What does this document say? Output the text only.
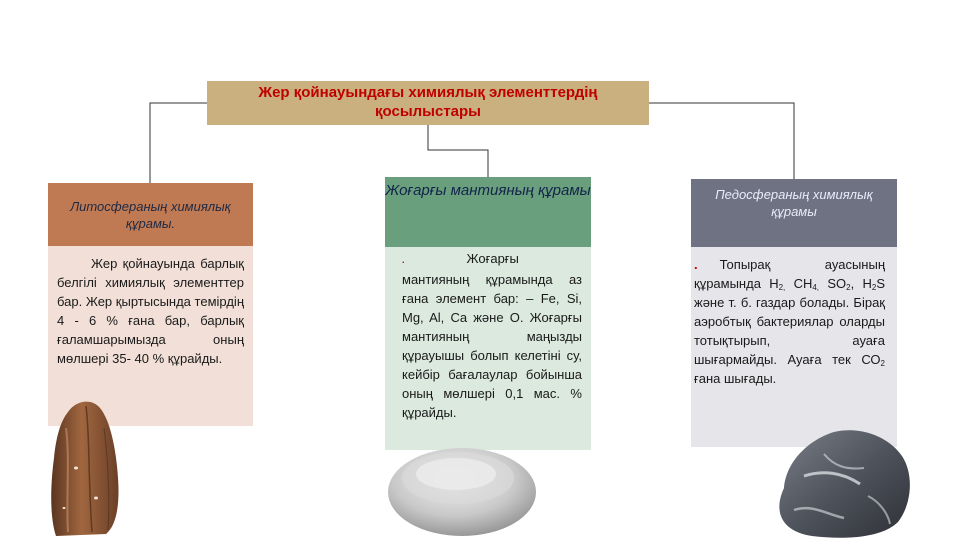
Жер қойнауындағы химиялық элементтердің
қосылыстары
Литосфераның химиялық құрамы.
Жер қойнауында барлық белгілі химиялық элементтер бар. Жер қыртысында темірдің 4 - 6 % ғана бар, барлық ғаламшарымызда оның мөлшері 35- 40 % құрайды.
Жоғарғы мантияның құрамы
.	Жоғарғы мантияның құрамында аз ғана элемент бар: – Fe, Si, Mg, Al, Ca және O. Жоғарғы мантияның маңызды құрауышы болып келетіні су, кейбір бағалаулар бойынша оның мөлшері 0,1 мас. % құрайды.
Педосфераның химиялық құрамы
. Топырақ ауасының құрамында $Н_{2,}$ $СН_{4,}$ $SО_2$, $Н_2S$ және т. б. газдар болады. Бірақ аэробтық бактериялар оларды тотықтырып, ауаға шығармайды. Ауаға тек $СО_2$ ғана шығады.
